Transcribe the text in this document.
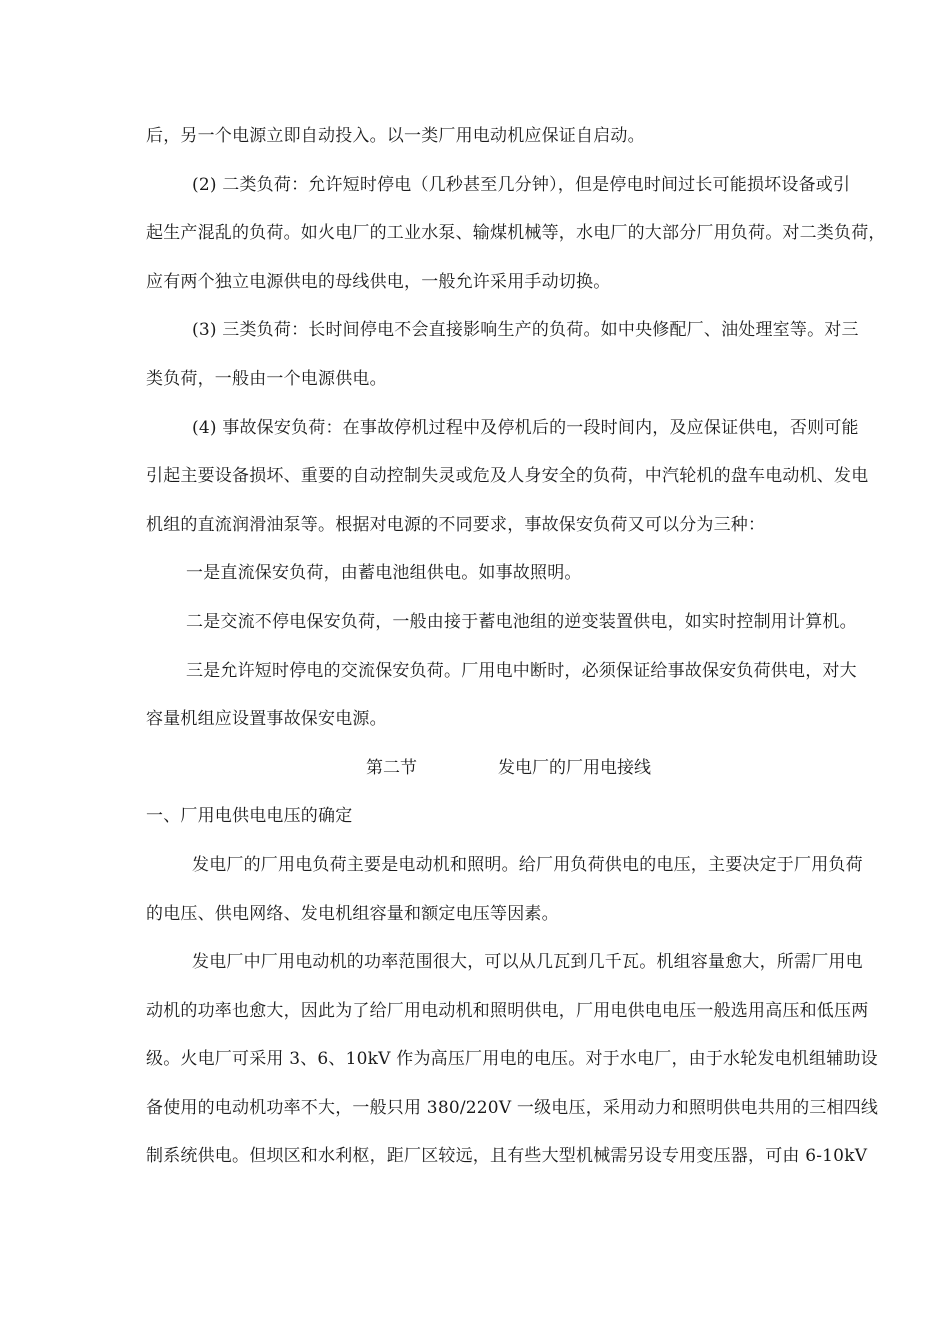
后，另一个电源立即自动投入。以一类厂用电动机应保证自启动。
(2) 二类负荷：允许短时停电（几秒甚至几分钟），但是停电时间过长可能损坏设备或引
起生产混乱的负荷。如火电厂的工业水泵、输煤机械等，水电厂的大部分厂用负荷。对二类负荷，
应有两个独立电源供电的母线供电，一般允许采用手动切换。
(3) 三类负荷：长时间停电不会直接影响生产的负荷。如中央修配厂、油处理室等。对三
类负荷，一般由一个电源供电。
(4) 事故保安负荷：在事故停机过程中及停机后的一段时间内，及应保证供电，否则可能
引起主要设备损坏、重要的自动控制失灵或危及人身安全的负荷，中汽轮机的盘车电动机、发电
机组的直流润滑油泵等。根据对电源的不同要求，事故保安负荷又可以分为三种：
一是直流保安负荷，由蓄电池组供电。如事故照明。
二是交流不停电保安负荷，一般由接于蓄电池组的逆变装置供电，如实时控制用计算机。
三是允许短时停电的交流保安负荷。厂用电中断时，必须保证给事故保安负荷供电，对大
容量机组应设置事故保安电源。
第二节	发电厂的厂用电接线
一、厂用电供电电压的确定
发电厂的厂用电负荷主要是电动机和照明。给厂用负荷供电的电压，主要决定于厂用负荷
的电压、供电网络、发电机组容量和额定电压等因素。
发电厂中厂用电动机的功率范围很大，可以从几瓦到几千瓦。机组容量愈大，所需厂用电
动机的功率也愈大，因此为了给厂用电动机和照明供电，厂用电供电电压一般选用高压和低压两
级。火电厂可采用 3、6、10kV 作为高压厂用电的电压。对于水电厂，由于水轮发电机组辅助设
备使用的电动机功率不大，一般只用 380/220V 一级电压，采用动力和照明供电共用的三相四线
制系统供电。但坝区和水利枢，距厂区较远，且有些大型机械需另设专用变压器，可由 6-10kV
